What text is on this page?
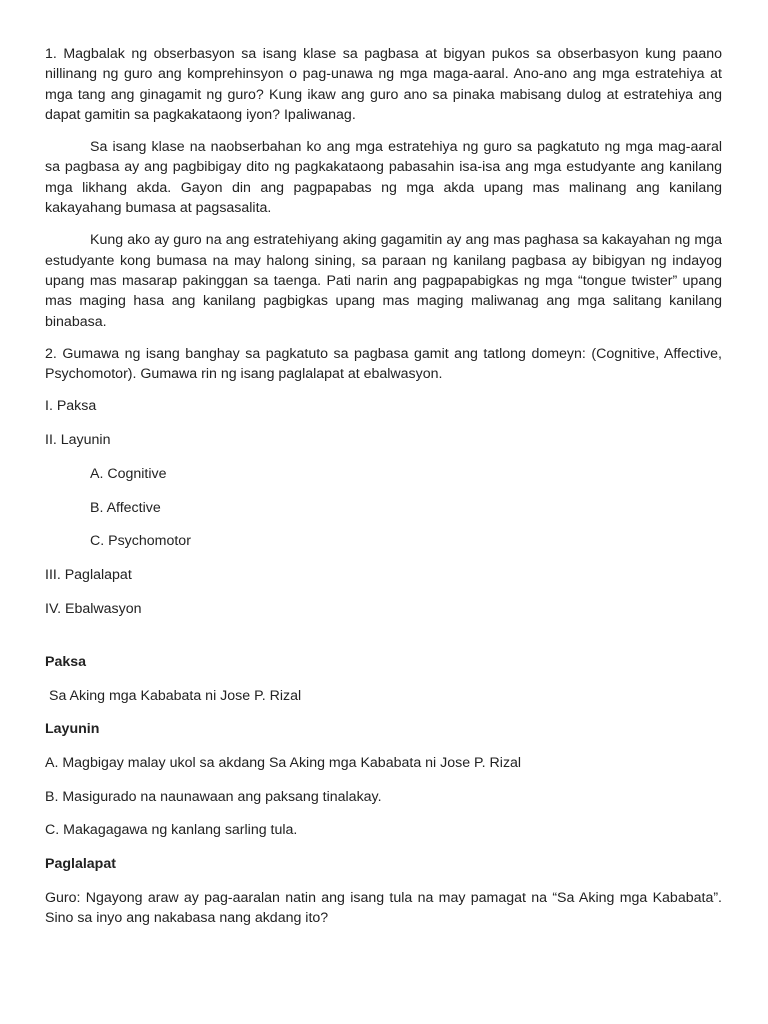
1. Magbalak ng obserbasyon sa isang klase sa pagbasa at bigyan pukos sa obserbasyon kung paano nillinang ng guro ang komprehinsyon o pag-unawa ng mga maga-aaral. Ano-ano ang mga estratehiya at mga tang ang ginagamit ng guro? Kung ikaw ang guro ano sa pinaka mabisang dulog at estratehiya ang dapat gamitin sa pagkakataong iyon? Ipaliwanag.

Sa isang klase na naobserbahan ko ang mga estratehiya ng guro sa pagkatuto ng mga mag-aaral sa pagbasa ay ang pagbibigay dito ng pagkakataong pabasahin isa-isa ang mga estudyante ang kanilang mga likhang akda. Gayon din ang pagpapabas ng mga akda upang mas malinang ang kanilang kakayahang bumasa at pagsasalita.

Kung ako ay guro na ang estratehiyang aking gagamitin ay ang mas paghasa sa kakayahan ng mga estudyante kong bumasa na may halong sining, sa paraan ng kanilang pagbasa ay bibigyan ng indayog upang mas masarap pakinggan sa taenga. Pati narin ang pagpapabigkas ng mga “tongue twister” upang mas maging hasa ang kanilang pagbigkas upang mas maging maliwanag ang mga salitang kanilang binabasa.

2. Gumawa ng isang banghay sa pagkatuto sa pagbasa gamit ang tatlong domeyn: (Cognitive, Affective, Psychomotor). Gumawa rin ng isang paglalapat at ebalwasyon.

I. Paksa

II. Layunin

A. Cognitive

B. Affective

C. Psychomotor

III. Paglalapat

IV. Ebalwasyon

Paksa

Sa Aking mga Kababata ni Jose P. Rizal

Layunin

A. Magbigay malay ukol sa akdang Sa Aking mga Kababata ni Jose P. Rizal

B. Masigurado na naunawaan ang paksang tinalakay.

C. Makagagawa ng kanlang sarling tula.

Paglalapat

Guro: Ngayong araw ay pag-aaralan natin ang isang tula na may pamagat na “Sa Aking mga Kababata”. Sino sa inyo ang nakabasa nang akdang ito?
